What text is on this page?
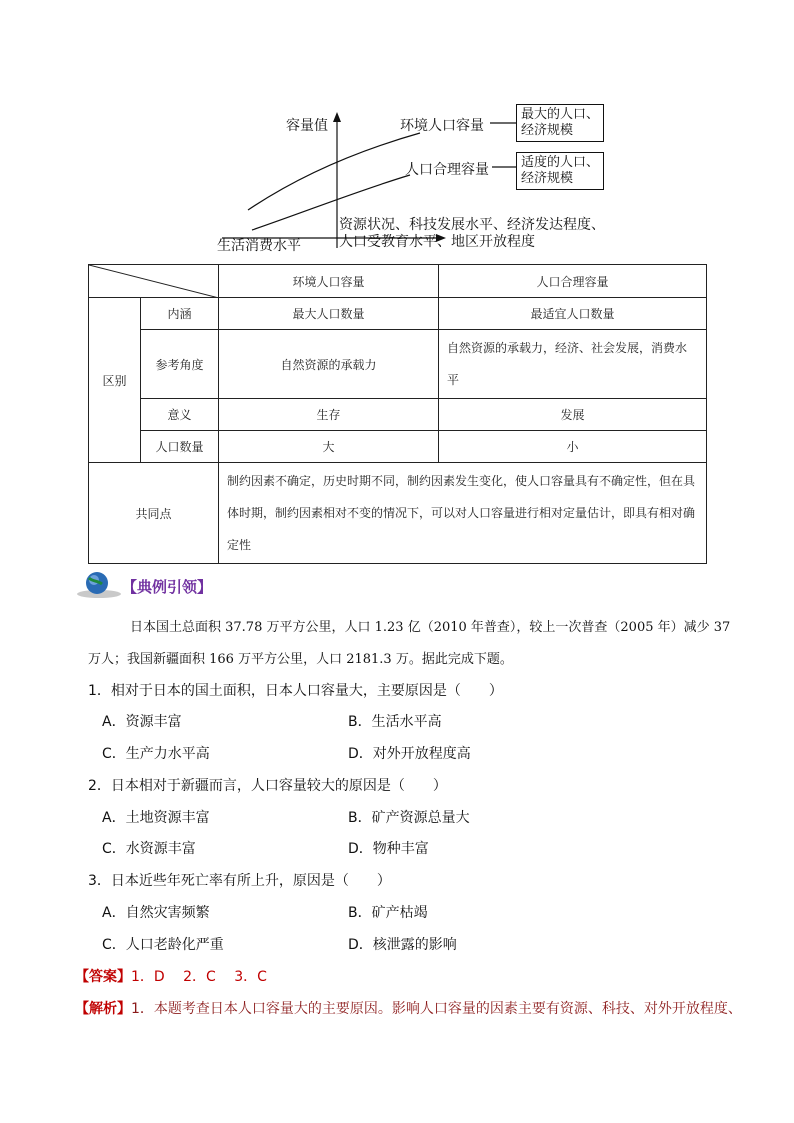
容量值
生活消费水平
环境人口容量
人口合理容量
最大的人口、
经济规模
适度的人口、
经济规模
资源状况、科技发展水平、经济发达程度、
人口受教育水平、地区开放程度
	环境人口容量	人口合理容量
区别	内涵	最大人口数量	最适宜人口数量
	参考角度	自然资源的承载力	自然资源的承载力，经济、社会发展，消费水平
	意义	生存	发展
	人口数量	大	小
共同点		制约因素不确定，历史时期不同，制约因素发生变化，使人口容量具有不确定性，但在具体时期，制约因素相对不变的情况下，可以对人口容量进行相对定量估计，即具有相对确定性	
【典例引领】
日本国土总面积 37.78 万平方公里，人口 1.23 亿（2010 年普查），较上一次普查（2005 年）减少 37
万人；我国新疆面积 166 万平方公里，人口 2181.3 万。据此完成下题。
1．相对于日本的国土面积，日本人口容量大，主要原因是（　　）
A．资源丰富	B．生活水平高
C．生产力水平高	D．对外开放程度高
2．日本相对于新疆而言，人口容量较大的原因是（　　）
A．土地资源丰富	B．矿产资源总量大
C．水资源丰富	D．物种丰富
3．日本近些年死亡率有所上升，原因是（　　）
A．自然灾害频繁	B．矿产枯竭
C．人口老龄化严重	D．核泄露的影响
【答案】1．D　 2．C　 3．C
【解析】1．本题考查日本人口容量大的主要原因。影响人口容量的因素主要有资源、科技、对外开放程度、
